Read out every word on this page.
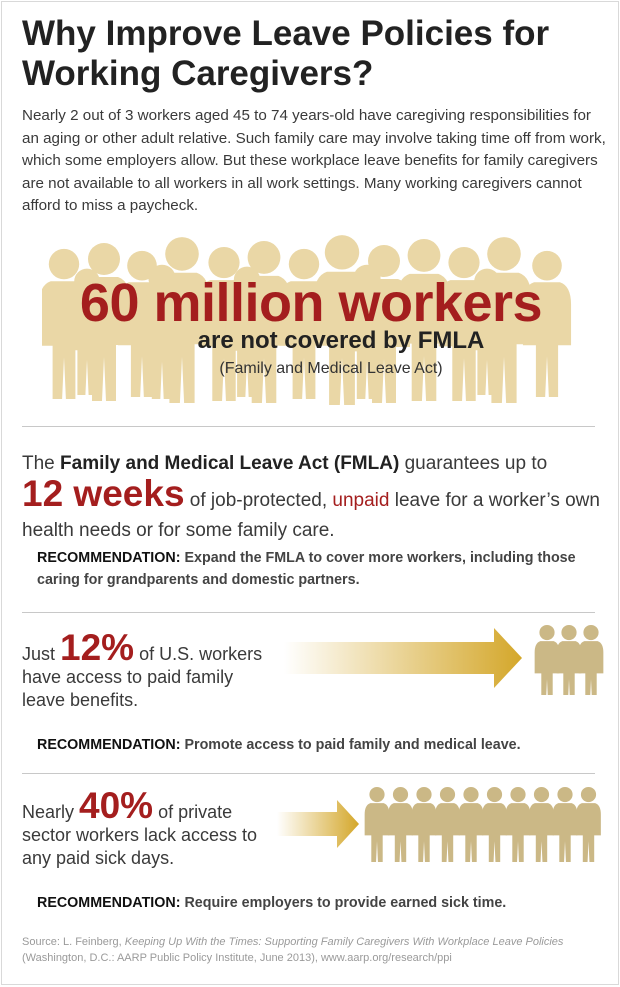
Why Improve Leave Policies for
Working Caregivers?
Nearly 2 out of 3 workers aged 45 to 74 years-old have caregiving responsibilities for an aging or other adult relative. Such family care may involve taking time off from work, which some employers allow. But these workplace leave benefits for family caregivers are not available to all workers in all work settings. Many working caregivers cannot afford to miss a paycheck.
60 million workers
are not covered by FMLA
(Family and Medical Leave Act)
The Family and Medical Leave Act (FMLA) guarantees up to
12 weeks of job-protected, unpaid leave for a worker’s own health needs or for some family care.
RECOMMENDATION: Expand the FMLA to cover more workers, including those caring for grandparents and domestic partners.
Just 12% of U.S. workers
have access to paid family
leave benefits.
RECOMMENDATION: Promote access to paid family and medical leave.
Nearly 40% of private
sector workers lack access to
any paid sick days.
RECOMMENDATION: Require employers to provide earned sick time.
Source: L. Feinberg, Keeping Up With the Times: Supporting Family Caregivers With Workplace Leave Policies (Washington, D.C.: AARP Public Policy Institute, June 2013), www.aarp.org/research/ppi
